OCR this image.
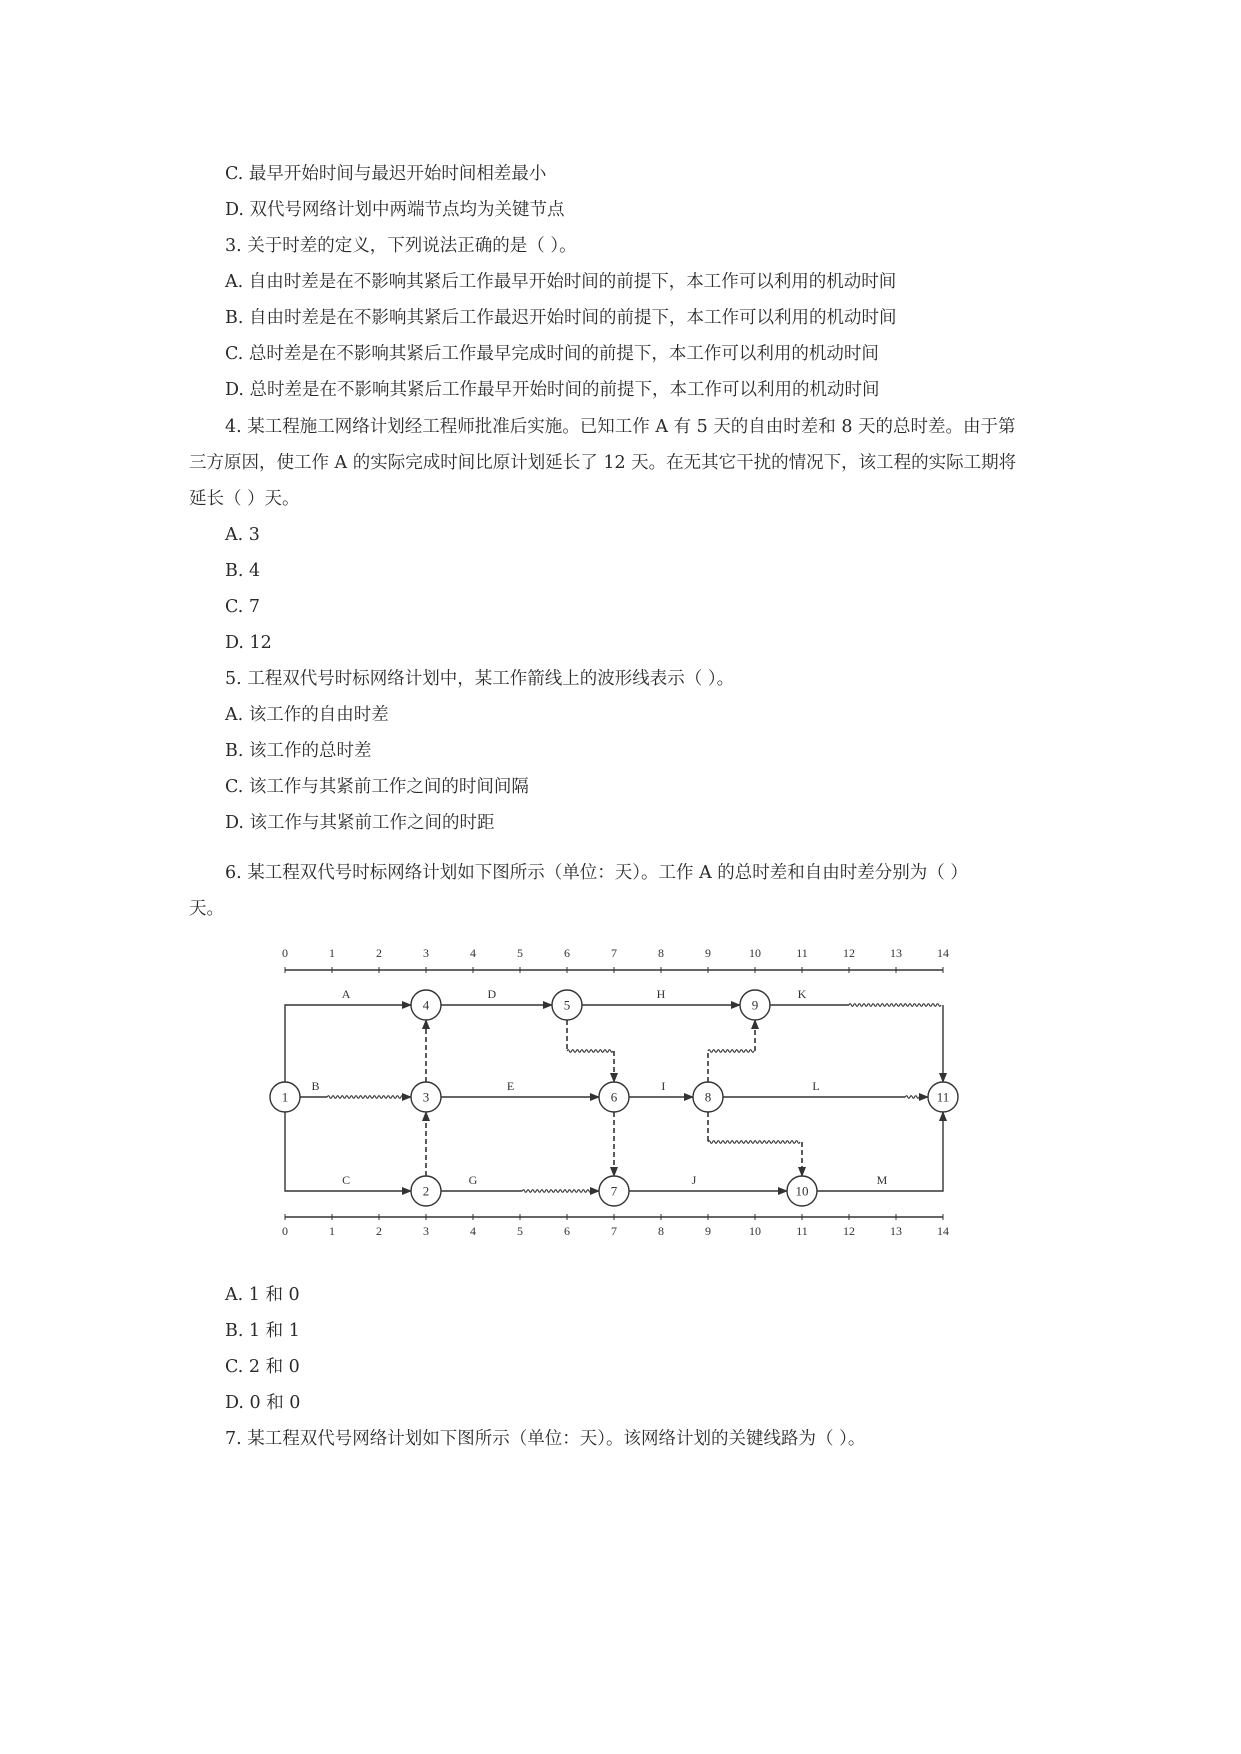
C. 最早开始时间与最迟开始时间相差最小
D. 双代号网络计划中两端节点均为关键节点
3. 关于时差的定义，下列说法正确的是（ ）。
A. 自由时差是在不影响其紧后工作最早开始时间的前提下，本工作可以利用的机动时间
B. 自由时差是在不影响其紧后工作最迟开始时间的前提下，本工作可以利用的机动时间
C. 总时差是在不影响其紧后工作最早完成时间的前提下，本工作可以利用的机动时间
D. 总时差是在不影响其紧后工作最早开始时间的前提下，本工作可以利用的机动时间
4. 某工程施工网络计划经工程师批准后实施。已知工作 A 有 5 天的自由时差和 8 天的总时差。由于第
三方原因，使工作 A 的实际完成时间比原计划延长了 12 天。在无其它干扰的情况下，该工程的实际工期将
延长（ ）天。
A. 3
B. 4
C. 7
D. 12
5. 工程双代号时标网络计划中，某工作箭线上的波形线表示（ ）。
A. 该工作的自由时差
B. 该工作的总时差
C. 该工作与其紧前工作之间的时间间隔
D. 该工作与其紧前工作之间的时距
6. 某工程双代号时标网络计划如下图所示（单位：天）。工作 A 的总时差和自由时差分别为（ ）
天。
A. 1 和 0
B. 1 和 1
C. 2 和 0
D. 0 和 0
7. 某工程双代号网络计划如下图所示（单位：天）。该网络计划的关键线路为（ ）。
0	1	2	3	4	5	6	7	8	9	10	11	12	13	14
0	1	2	3	4	5	6	7	8	9	10	11	12	13	14
A
C
B
D	H	K
E	I	L
G	J	M
1
4	5	9
3	6	8	11
2	7	10
